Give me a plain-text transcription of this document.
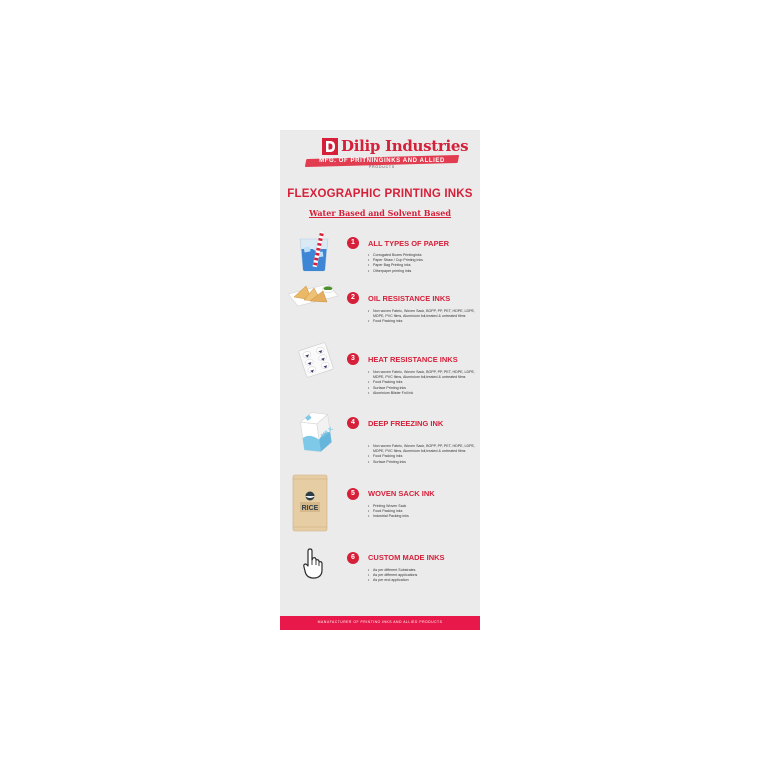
Dilip Industries
MFG. OF PRITNINGINKS AND ALLIED
PRODUCTS
FLEXOGRAPHIC PRINTING INKS
Water Based and Solvent Based
1	ALL TYPES OF PAPER
• Corrugated Boxes Printinginks
• Paper Straw / Cup Printing inks
• Paper Bag Printing inks
• Otherpaper printing inks
2	OIL RESISTANCE INKS
• Non woven Fabric, Woven Sack, BOPP, PP, PET, HDPE, LDPE, MDPE, PVC films, Aluminium foil,treated & untreated films
• Food Packing inks
3	HEAT RESISTANCE INKS
• Non woven Fabric, Woven Sack, BOPP, PP, PET, HDPE, LDPE, MDPE, PVC films, Aluminium foil,treated & untreated films
• Food Packing inks
• Surface Printing inks
• Aluminium Blister Foil ink
MILK
4	DEEP FREEZING INK
• Non woven Fabric, Woven Sack, BOPP, PP, PET, HDPE, LDPE, MDPE, PVC films, Aluminium foil,treated & untreated films
• Food Packing inks
• Surface Printing inks
RICE
5	WOVEN SACK INK
• Printing Woven Sack
• Food Packing inks
• Industrial Packing inks
6	CUSTOM MADE INKS
• As per different Substrates
• As per different applications
• As per end application
MANUFACTURER OF PRINTING INKS AND ALLIED PRODUCTS
